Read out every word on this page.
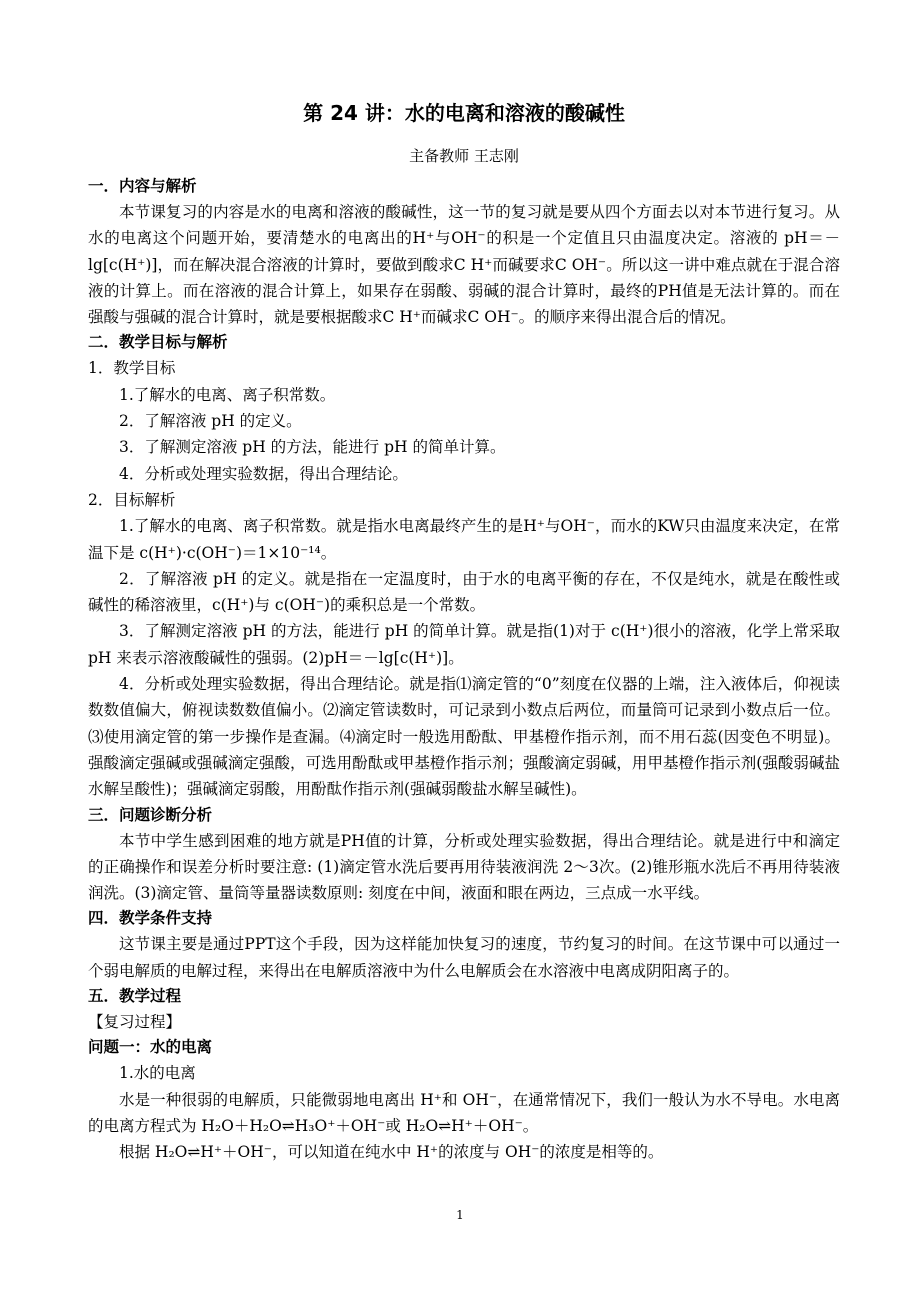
第 24 讲：水的电离和溶液的酸碱性
主备教师 王志刚
一．内容与解析

本节课复习的内容是水的电离和溶液的酸碱性，这一节的复习就是要从四个方面去以对本节进行复习。从水的电离这个问题开始，要清楚水的电离出的H⁺与OH⁻的积是一个定值且只由温度决定。溶液的 pH＝－lg[c(H⁺)]，而在解决混合溶液的计算时，要做到酸求C H⁺而碱要求C OH⁻。所以这一讲中难点就在于混合溶液的计算上。而在溶液的混合计算上，如果存在弱酸、弱碱的混合计算时，最终的PH值是无法计算的。而在强酸与强碱的混合计算时，就是要根据酸求C H⁺而碱求C OH⁻。的顺序来得出混合后的情况。

二．教学目标与解析
1．教学目标
1.了解水的电离、离子积常数。
2．了解溶液 pH 的定义。
3．了解测定溶液 pH 的方法，能进行 pH 的简单计算。
4．分析或处理实验数据，得出合理结论。
2．目标解析

1.了解水的电离、离子积常数。就是指水电离最终产生的是H⁺与OH⁻，而水的KW只由温度来决定，在常温下是 c(H⁺)·c(OH⁻)＝1×10⁻¹⁴。

2．了解溶液 pH 的定义。就是指在一定温度时，由于水的电离平衡的存在，不仅是纯水，就是在酸性或碱性的稀溶液里，c(H⁺)与 c(OH⁻)的乘积总是一个常数。

3．了解测定溶液 pH 的方法，能进行 pH 的简单计算。就是指(1)对于 c(H⁺)很小的溶液，化学上常采取 pH 来表示溶液酸碱性的强弱。(2)pH＝－lg[c(H⁺)]。

4．分析或处理实验数据，得出合理结论。就是指⑴滴定管的“0”刻度在仪器的上端，注入液体后，仰视读数数值偏大，俯视读数数值偏小。⑵滴定管读数时，可记录到小数点后两位，而量筒可记录到小数点后一位。⑶使用滴定管的第一步操作是查漏。⑷滴定时一般选用酚酞、甲基橙作指示剂，而不用石蕊(因变色不明显)。强酸滴定强碱或强碱滴定强酸，可选用酚酞或甲基橙作指示剂；强酸滴定弱碱，用甲基橙作指示剂(强酸弱碱盐水解呈酸性)；强碱滴定弱酸，用酚酞作指示剂(强碱弱酸盐水解呈碱性)。

三．问题诊断分析

本节中学生感到困难的地方就是PH值的计算，分析或处理实验数据，得出合理结论。就是进行中和滴定的正确操作和误差分析时要注意: (1)滴定管水洗后要再用待装液润洗 2～3次。(2)锥形瓶水洗后不再用待装液润洗。(3)滴定管、量筒等量器读数原则: 刻度在中间，液面和眼在两边，三点成一水平线。

四．教学条件支持

这节课主要是通过PPT这个手段，因为这样能加快复习的速度，节约复习的时间。在这节课中可以通过一个弱电解质的电解过程，来得出在电解质溶液中为什么电解质会在水溶液中电离成阴阳离子的。

五．教学过程
【复习过程】
问题一：水的电离
1.水的电离

水是一种很弱的电解质，只能微弱地电离出 H⁺和 OH⁻，在通常情况下，我们一般认为水不导电。水电离的电离方程式为 H₂O＋H₂O⇌H₃O⁺＋OH⁻或 H₂O⇌H⁺＋OH⁻。

根据 H₂O⇌H⁺＋OH⁻，可以知道在纯水中 H⁺的浓度与 OH⁻的浓度是相等的。

1
